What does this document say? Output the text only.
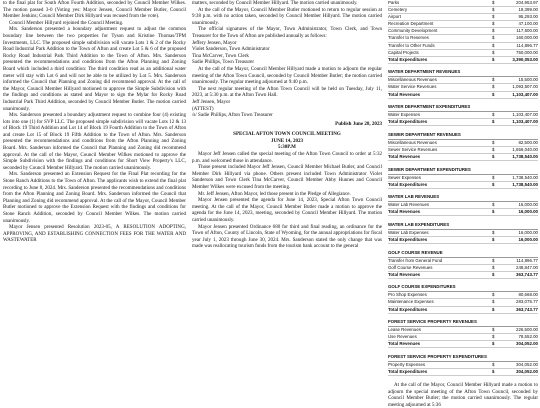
to the final plat for South Afton Fourth Addition, seconded by Council Member Wilkes. The motion passed 3-0 (Voting yes: Mayor Jensen, Council Member Butler, Council Member Jenkins; Council Member Dirk Hillyard was recused from the vote).

Council Member Hillyard rejoined the Council Meeting.

Mrs. Sanderson presented a boundary adjustment request to adjust the common boundary line between the two properties for Tyson and Kristine Thomas/TPM Investments, LLC. The proposed simple subdivision will vacate Lots 1 & 2 of the Rocky Road Industrial Park Addition to the Town of Afton and create Lot 5 & 6 of the proposed Rocky Road Industrial Park Third Addition to the Town of Afton. Mrs. Sanderson presented the recommendations and conditions from the Afton Planning and Zoning Board which included a third condition: The third condition read as an additional water meter will stay with Lot 6 and will not be able to be utilized by Lot 5. Mrs. Sanderson informed the Council that Planning and Zoning did recommend approval. At the call of the Mayor, Council Member Hillyard motioned to approve the Simple Subdivision with the findings and conditions as stated and Mayor to sign the Mylar for Rocky Road Industrial Park Third Addition, seconded by Council Member Butler. The motion carried unanimously.

Mrs. Sanderson presented a boundary adjustment request to combine four (4) existing lots into one (1) for SVP LLC. The proposed simple subdivision will vacate Lots 12 & 13 of Block 19 Third Addition and Lot 14 of Block 19 Fourth Addition to the Town of Afton and create Lot 15 of Block 19 Fifth Addition to the Town of Afton. Mrs. Sanderson presented the recommendations and conditions from the Afton Planning and Zoning Board. Mrs. Sanderson informed the Council that Planning and Zoning did recommend approval. At the call of the Mayor, Council Member Wilkes motioned to approve the Simple Subdivision with the findings and conditions for Short View Property's LLC, seconded by Council Member Hillyard. The motion carried unanimously.

Mrs. Sanderson presented an Extension Request for the Final Plat recording for the Stone Ranch Additions to the Town of Afton. The applicants wish to extend the final plat recording to June 8, 2024. Mrs. Sanderson presented the recommendations and conditions from the Afton Planning and Zoning Board. Mrs. Sanderson informed the Council that Planning and Zoning did recommend approval. At the call of the Mayor, Council Member Butler motioned to approve the Extension Request with the findings and conditions for Stone Ranch Addition, seconded by Council Member Wilkes. The motion carried unanimously.

Mayor Jensen presented Resolution 2023-05, A RESOLUTION ADOPTING, APPROVING, AND ESTABLISHING CONNECTION FEES FOR THE WATER AND WASTEWATER

matters, seconded by Council Member Hillyard. The motion carried unanimously.

At the call of the Mayor, Council Member Butler motioned to return to regular session at 9:38 p.m. with no action taken, seconded by Council Member Hillyard. The motion carried unanimously.

The official signatures of the Mayor, Town Administrator, Town Clerk, and Town Treasurer for the Town of Afton are published annually as follows:

Jeffery Jensen, Mayor

Violet Sanderson, Town Administrator

Tina McCarver, Town Clerk

Sadie Phillips, Town Treasurer

At the call of the Mayor, Council Member Hillyard made a motion to adjourn the regular meeting of the Afton Town Council, seconded by Council Member Butler; the motion carried unanimously. The regular meeting adjourned at 9:40 p.m.

The next regular meeting of the Afton Town Council will be held on Tuesday, July 11, 2023, at 5:30 p.m. at the Afton Town Hall.

Jeff Jensen, Mayor

(ATTEST)

/s/ Sadie Phillips, Afton Town Treasurer

Publish June 28, 2023

SPECIAL AFTON TOWN COUNCIL MEETING

JUNE 14, 2023

5:30P.M

Mayor Jeff Jensen called the special meeting of the Afton Town Council to order at 5:32 p.m. and welcomed those in attendance.

Those present included Mayor Jeff Jensen, Council Member Michael Butler, and Council Member Dirk Hillyard via phone. Others present included Town Administrator Violet Sanderson and Town Clerk Tina McCarver, Council Member Abby Hunnes and Council Member Wilkes were excused from the meeting.

Mr. Jeff Jensen, Afton Mayor, led those present in the Pledge of Allegiance.

Mayor Jensen presented the agenda for June 14, 2023, Special Afton Town Council meeting. At the call of the Mayor, Council Member Butler made a motion to approve the agenda for the June 14, 2023, meeting, seconded by Council Member Hillyard. The motion carried unanimously.

Mayor Jensen presented Ordinance 680 for third and final reading, an ordinance for the Town of Afton, County of Lincoln, State of Wyoming, for the annual appropriations for fiscal year July 1, 2023 through June 30, 2024. Mrs. Sanderson stated the only change that was made was reallocating tourism funds from the tourism bank account to the general

Parks	$	204,953.97
Cemetery	$	19,399.00
Airport	$	95,293.00
Recreation Department	$	47,100.00
Community Development	$	117,500.00
Transfer to Reserves	$	160,000.00
Transfer to Other Funds	$	114,896.77
Capital Projects	$	750,000.00
Total Expenditures	$	3,390,053.00
WATER DEPARTMENT REVENUES
Miscellaneous Revenues	$	15,500.00
Water Service Revenues	$	1,093,507.00
Total Revenues	$	1,103,407.00
WATER DEPARTMENT EXPENDITURES
Water Expenses	$	1,103,407.00
Total Expenditures	$	1,103,407.00
SEWER DEPARTMENT REVENUES
Miscellaneous Revenues	$	82,500.00
Sewer Service Revenues	$	1,656,040.00
Total Revenues	$	1,738,540.00
SEWER DEPARTMENT EXPENDITURES
Sewer Expenses	$	1,738,540.00
Total Expenditures	$	1,738,540.00
WATER LAB REVENUES
Water Lab Revenues	$	16,000.00
Total Revenues	$	16,000.00
WATER LAB EXPENDITURES
Water Lab Expenses	$	16,000.00
Total Expenditures	$	16,000.00
GOLF COURSE REVENUE
Transfer from General Fund	$	114,896.77
Golf Course Revenues	$	248,847.00
Total Revenues	$	363,743.77
GOLF COURSE EXPENDITURES
Pro Shop Expenses	$	80,668.00
Maintenance Expenses	$	283,075.77
Total Expenditures	$	363,743.77
FOREST SERVICE PROPERTY REVENUES
Lease Revenues	$	226,500.00
Use Revenues	$	78,552.00
Total Revenues	$	304,052.00
FOREST SERVICE PROPERTY EXPENDITURES
Property Expenses	$	304,052.00
Total Expenditures	$	304,052.00

At the call of the Mayor, Council Member Hillyard made a motion to adjourn the special meeting of the Afton Town Council, seconded by Council Member Butler; the motion carried unanimously. The regular meeting adjourned at 5:36
